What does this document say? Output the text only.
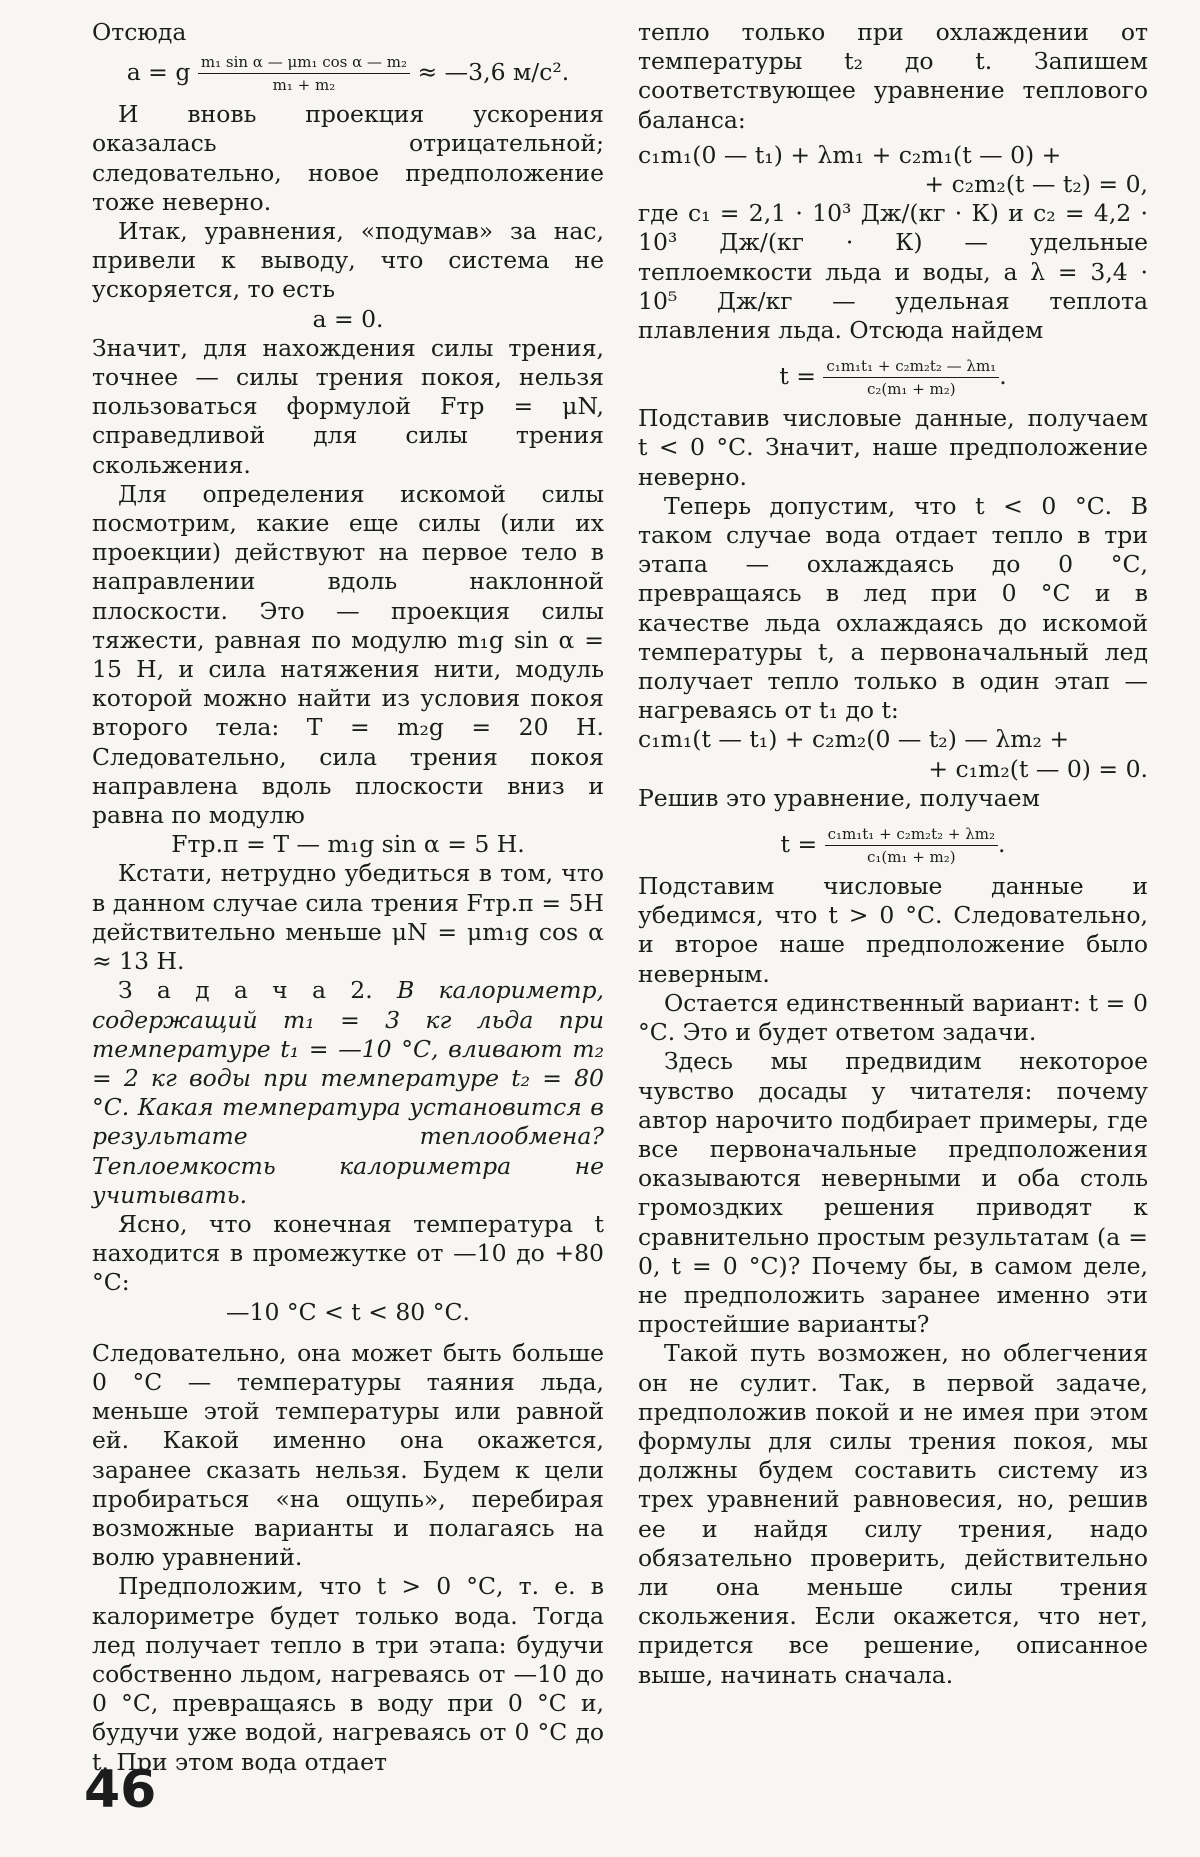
Отсюда

a = g $\frac{\text{m₁ sin α — μm₁ cos α — m₂}}{\text{m₁ + m₂}}$ ≈ —3,6 м/с².

И вновь проекция ускорения оказалась отрицательной; следовательно, новое предположение тоже неверно.

Итак, уравнения, «подумав» за нас, привели к выводу, что система не ускоряется, то есть

a = 0.

Значит, для нахождения силы трения, точнее — силы трения покоя, нельзя пользоваться формулой Fтр = μN, справедливой для силы трения скольжения.

Для определения искомой силы посмотрим, какие еще силы (или их проекции) действуют на первое тело в направлении вдоль наклонной плоскости. Это — проекция силы тяжести, равная по модулю m₁g sin α = 15 Н, и сила натяжения нити, модуль которой можно найти из условия покоя второго тела: T = m₂g = 20 Н. Следовательно, сила трения покоя направлена вдоль плоскости вниз и равна по модулю

Fтр.п = T — m₁g sin α = 5 Н.

Кстати, нетрудно убедиться в том, что в данном случае сила трения Fтр.п = 5Н действительно меньше μN = μm₁g cos α ≈ 13 Н.

З а д а ч а 2. В калориметр, содержащий m₁ = 3 кг льда при температуре t₁ = —10 °С, вливают m₂ = 2 кг воды при температуре t₂ = 80 °С. Какая температура установится в результате теплообмена? Теплоемкость калориметра не учитывать.

Ясно, что конечная температура t находится в промежутке от —10 до +80 °С:

—10 °С < t < 80 °С.

Следовательно, она может быть больше 0 °С — температуры таяния льда, меньше этой температуры или равной ей. Какой именно она окажется, заранее сказать нельзя. Будем к цели пробираться «на ощупь», перебирая возможные варианты и полагаясь на волю уравнений.

Предположим, что t > 0 °С, т. е. в калориметре будет только вода. Тогда лед получает тепло в три этапа: будучи собственно льдом, нагреваясь от —10 до 0 °С, превращаясь в воду при 0 °С и, будучи уже водой, нагреваясь от 0 °С до t. При этом вода отдает

тепло только при охлаждении от температуры t₂ до t. Запишем соответствующее уравнение теплового баланса:

c₁m₁(0 — t₁) + λm₁ + c₂m₁(t — 0) +
+ c₂m₂(t — t₂) = 0,

где c₁ = 2,1 · 10³ Дж/(кг · К) и c₂ = 4,2 · 10³ Дж/(кг · К) — удельные теплоемкости льда и воды, а λ = 3,4 · 10⁵ Дж/кг — удельная теплота плавления льда. Отсюда найдем

$t = \frac{\text{c₁m₁t₁ + c₂m₂t₂ — λm₁}}{\text{c₂(m₁ + m₂)}}$ .

Подставив числовые данные, получаем t < 0 °С. Значит, наше предположение неверно.

Теперь допустим, что t < 0 °С. В таком случае вода отдает тепло в три этапа — охлаждаясь до 0 °С, превращаясь в лед при 0 °С и в качестве льда охлаждаясь до искомой температуры t, а первоначальный лед получает тепло только в один этап — нагреваясь от t₁ до t:

c₁m₁(t — t₁) + c₂m₂(0 — t₂) — λm₂ +
+ c₁m₂(t — 0) = 0.

Решив это уравнение, получаем

$t = \frac{\text{c₁m₁t₁ + c₂m₂t₂ + λm₂}}{\text{c₁(m₁ + m₂)}}$ .

Подставим числовые данные и убедимся, что t > 0 °С. Следовательно, и второе наше предположение было неверным.

Остается единственный вариант: t = 0 °С. Это и будет ответом задачи.

Здесь мы предвидим некоторое чувство досады у читателя: почему автор нарочито подбирает примеры, где все первоначальные предположения оказываются неверными и оба столь громоздких решения приводят к сравнительно простым результатам (a = 0, t = 0 °С)? Почему бы, в самом деле, не предположить заранее именно эти простейшие варианты?

Такой путь возможен, но облегчения он не сулит. Так, в первой задаче, предположив покой и не имея при этом формулы для силы трения покоя, мы должны будем составить систему из трех уравнений равновесия, но, решив ее и найдя силу трения, надо обязательно проверить, действительно ли она меньше силы трения скольжения. Если окажется, что нет, придется все решение, описанное выше, начинать сначала.

46
